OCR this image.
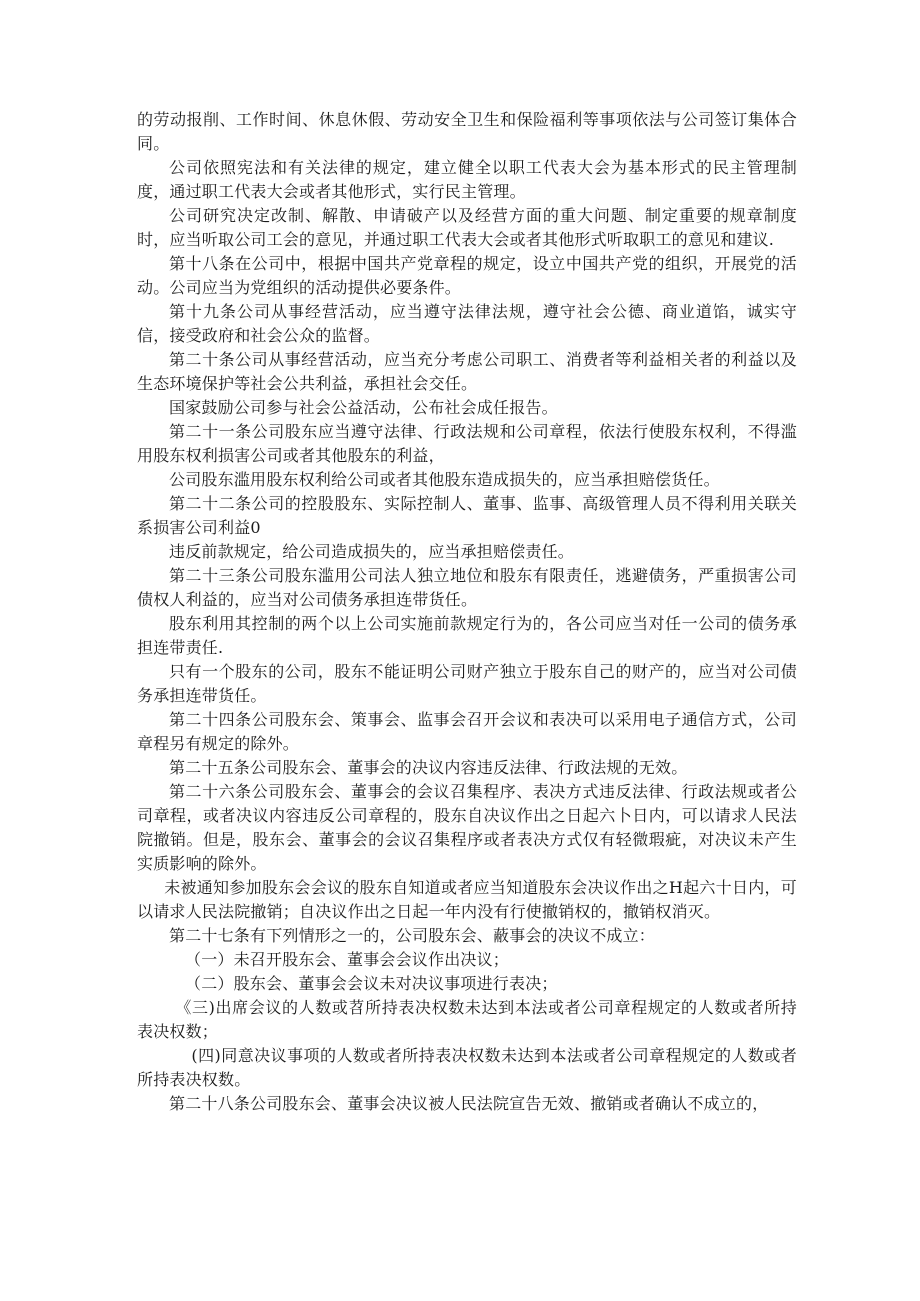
的劳动报削、工作时间、休息休假、劳动安全卫生和保险福利等事项依法与公司签订集体合同。

公司依照宪法和有关法律的规定，建立健全以职工代表大会为基本形式的民主管理制度，通过职工代表大会或者其他形式，实行民主管理。

公司研究决定改制、解散、申请破产以及经营方面的重大问题、制定重要的规章制度时，应当听取公司工会的意见，并通过职工代表大会或者其他形式听取职工的意见和建议.

第十八条在公司中，根据中国共产党章程的规定，设立中国共产党的组织，开展党的活动。公司应当为党组织的活动提供必要条件。

第十九条公司从事经营活动，应当遵守法律法规，遵守社会公德、商业道馅，诚实守信，接受政府和社会公众的监督。

第二十条公司从事经营活动，应当充分考虑公司职工、消费者等利益相关者的利益以及生态环境保护等社会公共利益，承担社会交任。

国家鼓励公司参与社会公益活动，公布社会成任报告。

第二十一条公司股东应当遵守法律、行政法规和公司章程，依法行使股东权利，不得滥用股东权利损害公司或者其他股东的利益，

公司股东滥用股东权利给公司或者其他股东造成损失的，应当承担赔偿货任。

第二十二条公司的控股股东、实际控制人、董事、监事、高级管理人员不得利用关联关系损害公司利益0

违反前款规定，给公司造成损失的，应当承担赔偿责任。

第二十三条公司股东滥用公司法人独立地位和股东有限责任，逃避债务，严重损害公司债权人利益的，应当对公司债务承担连带货任。

股东利用其控制的两个以上公司实施前款规定行为的，各公司应当对任一公司的债务承担连带责任.

只有一个股东的公司，股东不能证明公司财产独立于股东自己的财产的，应当对公司债务承担连带货任。

第二十四条公司股东会、策事会、监事会召开会议和表决可以采用电子通信方式，公司章程另有规定的除外。

第二十五条公司股东会、董事会的决议内容违反法律、行政法规的无效。

第二十六条公司股东会、董事会的会议召集程序、表决方式违反法律、行政法规或者公司章程，或者决议内容违反公司章程的，股东自决议作出之日起六卜日内，可以请求人民法院撤销。但是，股东会、董事会的会议召集程序或者表决方式仅有轻微瑕疵，对决议未产生实质影响的除外。

未被通知参加股东会会议的股东自知道或者应当知道股东会决议作出之H起六十日内，可以请求人民法院撤销；自决议作出之日起一年内没有行使撤销权的，撤销权消灭。

第二十七条有下列情形之一的，公司股东会、蔽事会的决议不成立：

（一）未召开股东会、董事会会议作出决议；

（二）股东会、董事会会议未对决议事项进行表决；

《三)出席会议的人数或苕所持表决权数未达到本法或者公司章程规定的人数或者所持表决权数；

(四)同意决议事项的人数或者所持表决权数未达到本法或者公司章程规定的人数或者所持表决权数。

第二十八条公司股东会、董事会决议被人民法院宣告无效、撤销或者确认不成立的，
